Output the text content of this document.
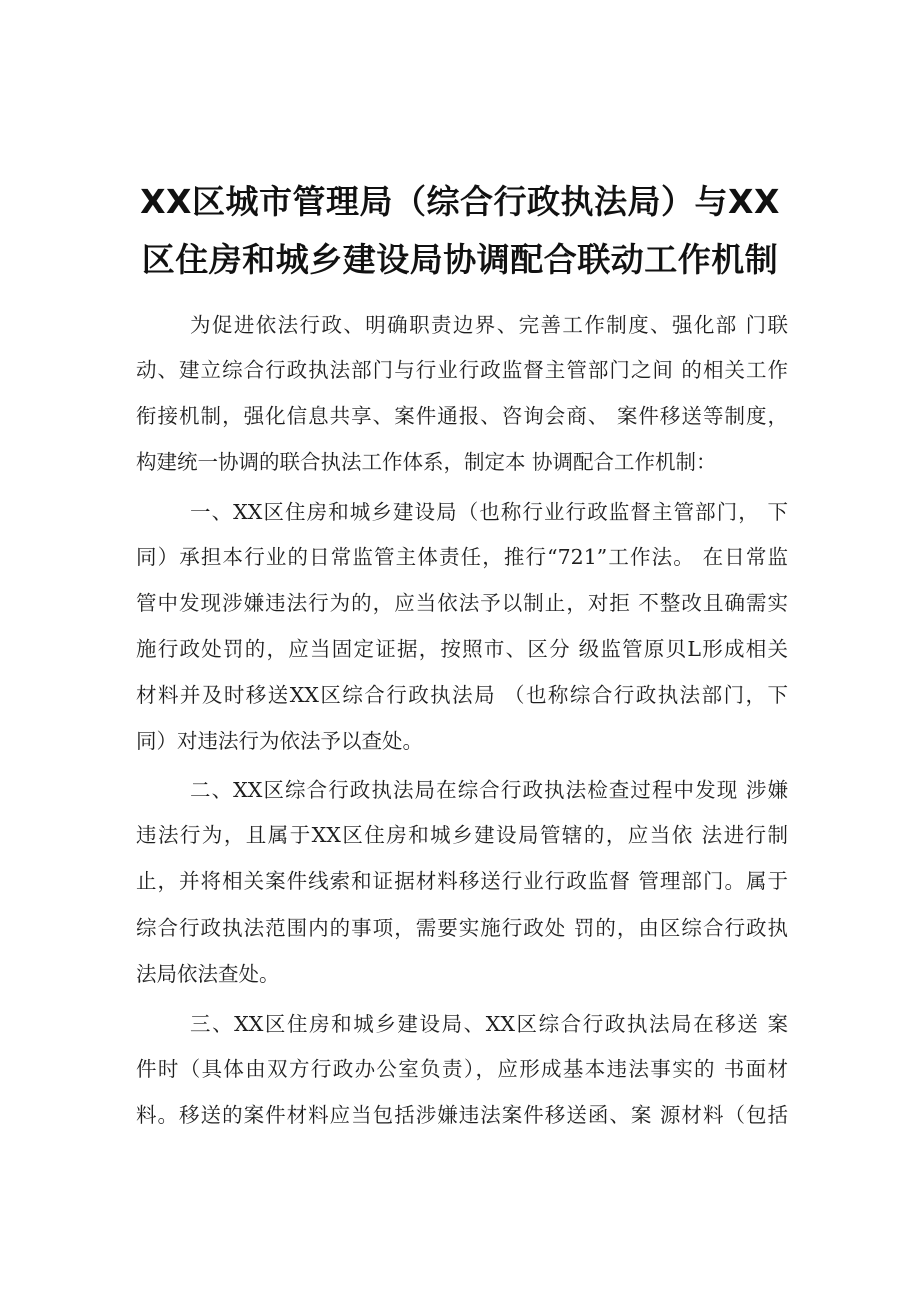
XX区城市管理局（综合行政执法局）与XX
区住房和城乡建设局协调配合联动工作机制
为促进依法行政、明确职责边界、完善工作制度、强化部 门联
动、建立综合行政执法部门与行业行政监督主管部门之间 的相关工作
衔接机制，强化信息共享、案件通报、咨询会商、 案件移送等制度，
构建统一协调的联合执法工作体系，制定本 协调配合工作机制：
一、XX区住房和城乡建设局（也称行业行政监督主管部门， 下
同）承担本行业的日常监管主体责任，推行“721”工作法。 在日常监
管中发现涉嫌违法行为的，应当依法予以制止，对拒 不整改且确需实
施行政处罚的，应当固定证据，按照市、区分 级监管原贝L形成相关
材料并及时移送XX区综合行政执法局 （也称综合行政执法部门，下
同）对违法行为依法予以查处。
二、XX区综合行政执法局在综合行政执法检查过程中发现 涉嫌
违法行为，且属于XX区住房和城乡建设局管辖的，应当依 法进行制
止，并将相关案件线索和证据材料移送行业行政监督 管理部门。属于
综合行政执法范围内的事项，需要实施行政处 罚的，由区综合行政执
法局依法查处。
三、XX区住房和城乡建设局、XX区综合行政执法局在移送 案
件时（具体由双方行政办公室负责），应形成基本违法事实的 书面材
料。移送的案件材料应当包括涉嫌违法案件移送函、案 源材料（包括
